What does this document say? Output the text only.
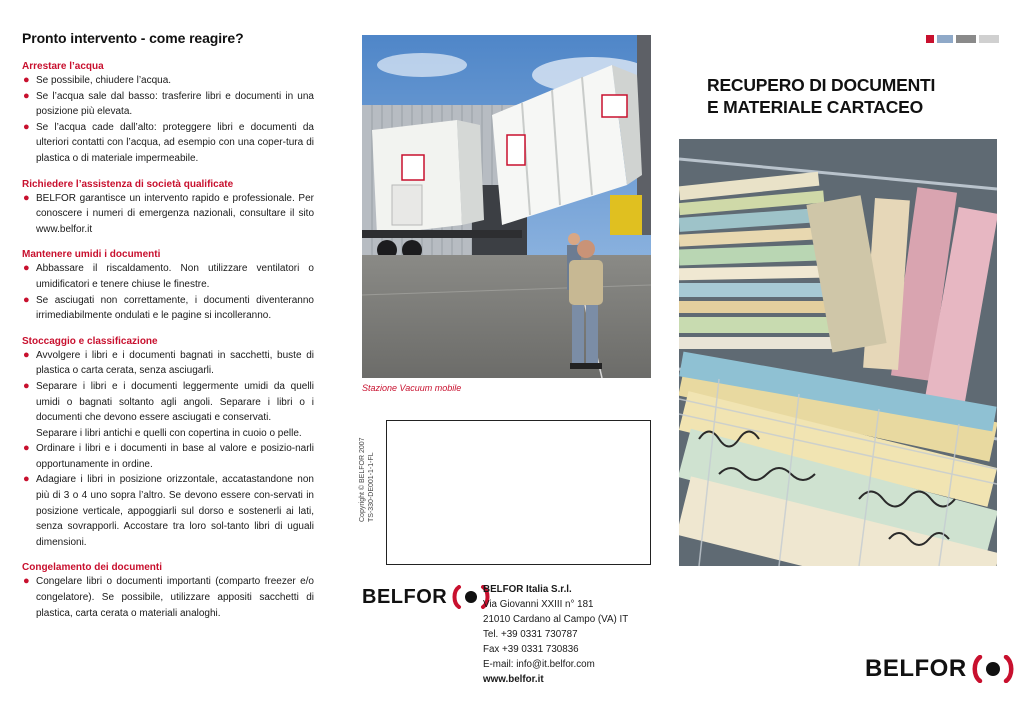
Pronto intervento - come reagire?

Arrestare l’acqua

● Se possibile, chiudere l’acqua.
● Se l’acqua sale dal basso: trasferire libri e documenti in una posizione più elevata.
● Se l’acqua cade dall’alto: proteggere libri e documenti da ulteriori contatti con l’acqua, ad esempio con una coper-tura di plastica o di materiale impermeabile.

Richiedere l’assistenza di società qualificate

● BELFOR garantisce un intervento rapido e professionale. Per conoscere i numeri di emergenza nazionali, consultare il sito www.belfor.it

Mantenere umidi i documenti

● Abbassare il riscaldamento. Non utilizzare ventilatori o umidificatori e tenere chiuse le finestre.
● Se asciugati non correttamente, i documenti diventeranno irrimediabilmente ondulati e le pagine si incolleranno.

Stoccaggio e classificazione

● Avvolgere i libri e i documenti bagnati in sacchetti, buste di plastica o carta cerata, senza asciugarli.
● Separare i libri e i documenti leggermente umidi da quelli umidi o bagnati soltanto agli angoli. Separare i libri o i documenti che devono essere asciugati e conservati.
Separare i libri antichi e quelli con copertina in cuoio o pelle.
● Ordinare i libri e i documenti in base al valore e posizio-narli opportunamente in ordine.
● Adagiare i libri in posizione orizzontale, accatastandone non più di 3 o 4 uno sopra l’altro. Se devono essere con-servati in posizione verticale, appoggiarli sul dorso e sostenerli ai lati, senza sovrapporli. Accostare tra loro sol-tanto libri di uguali dimensioni.

Congelamento dei documenti

● Congelare libri o documenti importanti (comparto freezer e/o congelatore). Se possibile, utilizzare appositi sacchetti di plastica, carta cerata o materiali analoghi.
Stazione Vacuum mobile
Copyright © BELFOR 2007 TS-330-DE001-1-1-FL
BELFOR	BELFOR Italia S.r.l.
Via Giovanni XXIII n° 181
21010 Cardano al Campo (VA) IT
Tel. +39 0331 730787
Fax +39 0331 730836
E-mail: info@it.belfor.com
www.belfor.it
RECUPERO DI DOCUMENTI
E MATERIALE CARTACEO
BELFOR
